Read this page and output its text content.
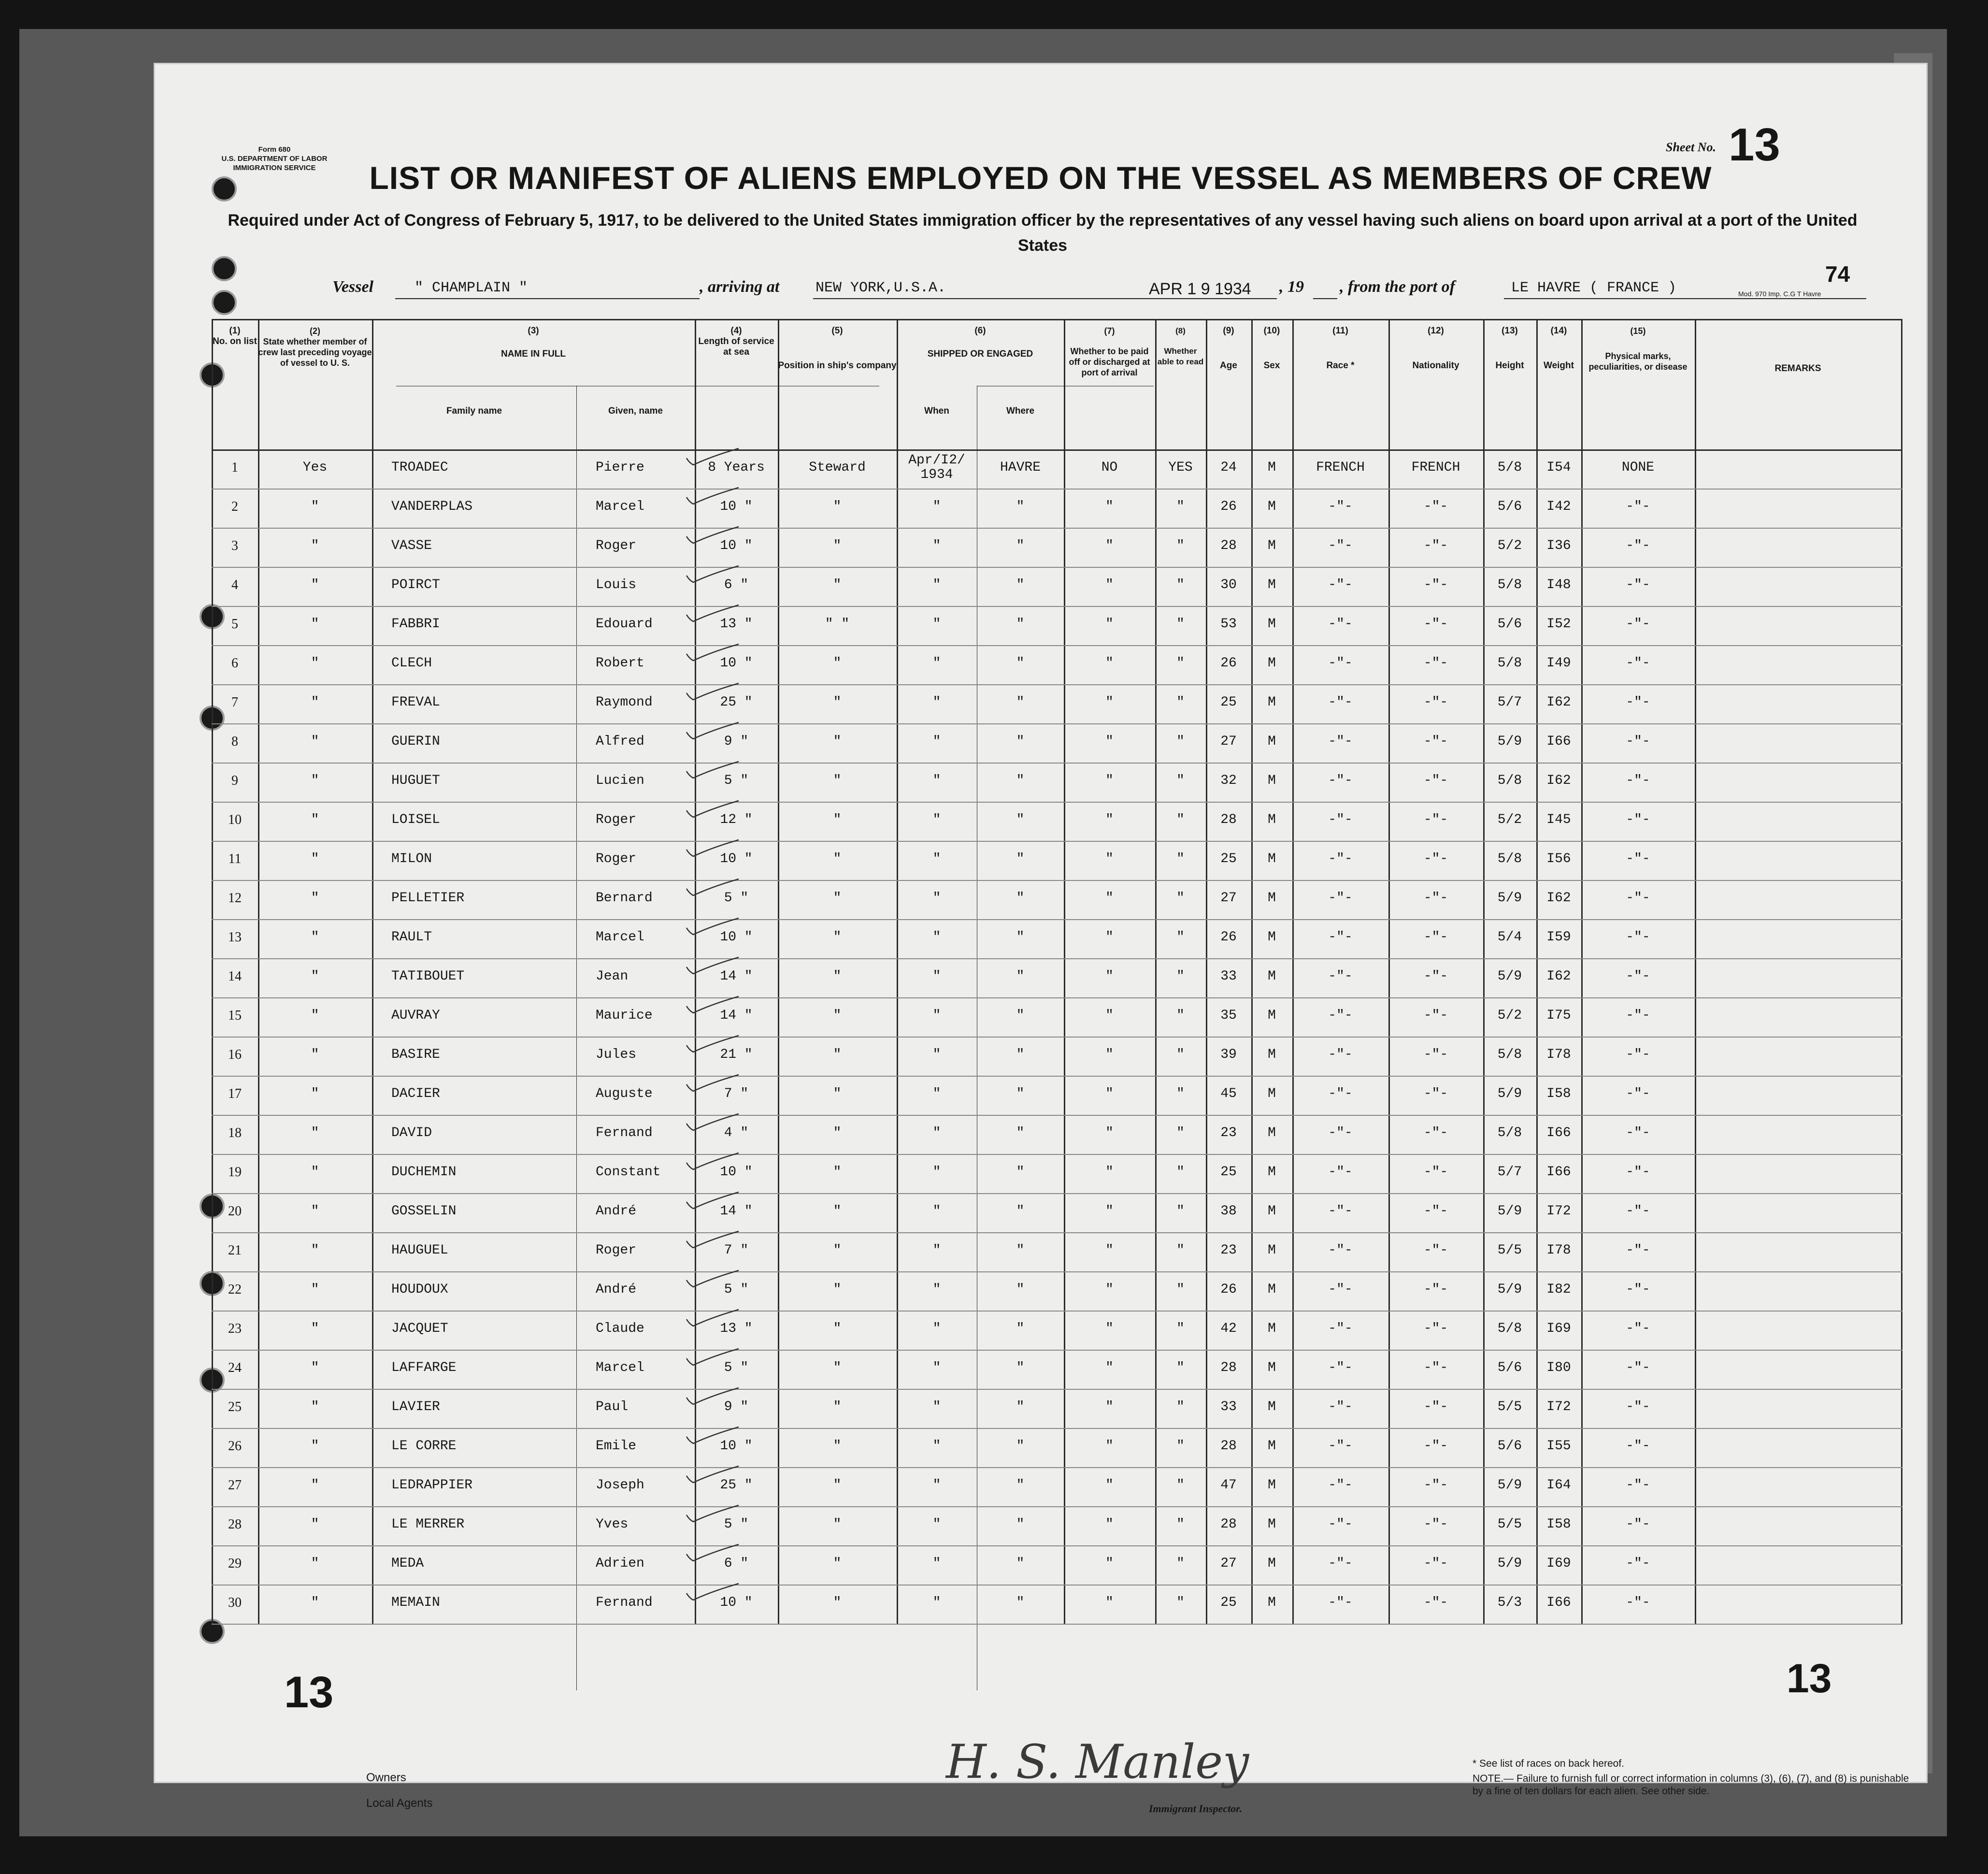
Form 680
U.S. DEPARTMENT OF LABOR
IMMIGRATION SERVICE
Sheet No. 13
LIST OR MANIFEST OF ALIENS EMPLOYED ON THE VESSEL AS MEMBERS OF CREW
Required under Act of Congress of February 5, 1917, to be delivered to the United States immigration officer by the representatives of any vessel having such aliens on board upon arrival at a port of the United States
74
Mod. 970 Imp. C.G T Havre
Vessel	" CHAMPLAIN "	, arriving at NEW YORK,U.S.A.	APR 1 9 1934 , 19 , from the port of	LE HAVRE ( FRANCE )
(1)
No. on list
(2)
State whether member of crew last preceding voyage of vessel to U. S.
(3)
NAME IN FULL
Family name	Given, name
(4)
Length of service at sea
(5)
Position in ship's company
(6)
SHIPPED OR ENGAGED
When	Where
(7)
Whether to be paid off or discharged at port of arrival
(8)
Whether able to read
(9)
Age
(10)
Sex
(11)
Race *
(12)
Nationality
(13)
Height
(14)
Weight
(15)
Physical marks, peculiarities, or disease	REMARKS
1	Yes	TROADEC	Pierre	8 Years	Steward	Apr/I2/ 1934	HAVRE	NO	YES	24	M	FRENCH	FRENCH	5/8	I54	NONE
2	"	VANDERPLAS	Marcel	10 "	"	"	"	"	"	26	M	-"-	-"-	5/6	I42	-"-
3	"	VASSE	Roger	10 "	"	"	"	"	"	28	M	-"-	-"-	5/2	I36	-"-
4	"	POIRCT	Louis	6 "	"	"	"	"	"	30	M	-"-	-"-	5/8	I48	-"-
5	"	FABBRI	Edouard	13 "	" "	"	"	"	"	53	M	-"-	-"-	5/6	I52	-"-
6	"	CLECH	Robert	10 "	"	"	"	"	"	26	M	-"-	-"-	5/8	I49	-"-
7	"	FREVAL	Raymond	25 "	"	"	"	"	"	25	M	-"-	-"-	5/7	I62	-"-
8	"	GUERIN	Alfred	9 "	"	"	"	"	"	27	M	-"-	-"-	5/9	I66	-"-
9	"	HUGUET	Lucien	5 "	"	"	"	"	"	32	M	-"-	-"-	5/8	I62	-"-
10	"	LOISEL	Roger	12 "	"	"	"	"	"	28	M	-"-	-"-	5/2	I45	-"-
11	"	MILON	Roger	10 "	"	"	"	"	"	25	M	-"-	-"-	5/8	I56	-"-
12	"	PELLETIER	Bernard	5 "	"	"	"	"	"	27	M	-"-	-"-	5/9	I62	-"-
13	"	RAULT	Marcel	10 "	"	"	"	"	"	26	M	-"-	-"-	5/4	I59	-"-
14	"	TATIBOUET	Jean	14 "	"	"	"	"	"	33	M	-"-	-"-	5/9	I62	-"-
15	"	AUVRAY	Maurice	14 "	"	"	"	"	"	35	M	-"-	-"-	5/2	I75	-"-
16	"	BASIRE	Jules	21 "	"	"	"	"	"	39	M	-"-	-"-	5/8	I78	-"-
17	"	DACIER	Auguste	7 "	"	"	"	"	"	45	M	-"-	-"-	5/9	I58	-"-
18	"	DAVID	Fernand	4 "	"	"	"	"	"	23	M	-"-	-"-	5/8	I66	-"-
19	"	DUCHEMIN	Constant	10 "	"	"	"	"	"	25	M	-"-	-"-	5/7	I66	-"-
20	"	GOSSELIN	André	14 "	"	"	"	"	"	38	M	-"-	-"-	5/9	I72	-"-
21	"	HAUGUEL	Roger	7 "	"	"	"	"	"	23	M	-"-	-"-	5/5	I78	-"-
22	"	HOUDOUX	André	5 "	"	"	"	"	"	26	M	-"-	-"-	5/9	I82	-"-
23	"	JACQUET	Claude	13 "	"	"	"	"	"	42	M	-"-	-"-	5/8	I69	-"-
24	"	LAFFARGE	Marcel	5 "	"	"	"	"	"	28	M	-"-	-"-	5/6	I80	-"-
25	"	LAVIER	Paul	9 "	"	"	"	"	"	33	M	-"-	-"-	5/5	I72	-"-
26	"	LE CORRE	Emile	10 "	"	"	"	"	"	28	M	-"-	-"-	5/6	I55	-"-
27	"	LEDRAPPIER	Joseph	25 "	"	"	"	"	"	47	M	-"-	-"-	5/9	I64	-"-
28	"	LE MERRER	Yves	5 "	"	"	"	"	"	28	M	-"-	-"-	5/5	I58	-"-
29	"	MEDA	Adrien	6 "	"	"	"	"	"	27	M	-"-	-"-	5/9	I69	-"-
30	"	MEMAIN	Fernand	10 "	"	"	"	"	"	25	M	-"-	-"-	5/3	I66	-"-
13	13
Owners
Local Agents
H. S. Manley
Immigrant Inspector.
* See list of races on back hereof.
NOTE.— Failure to furnish full or correct information in columns (3), (6), (7), and (8) is punishable by a fine of ten dollars for each alien. See other side.
